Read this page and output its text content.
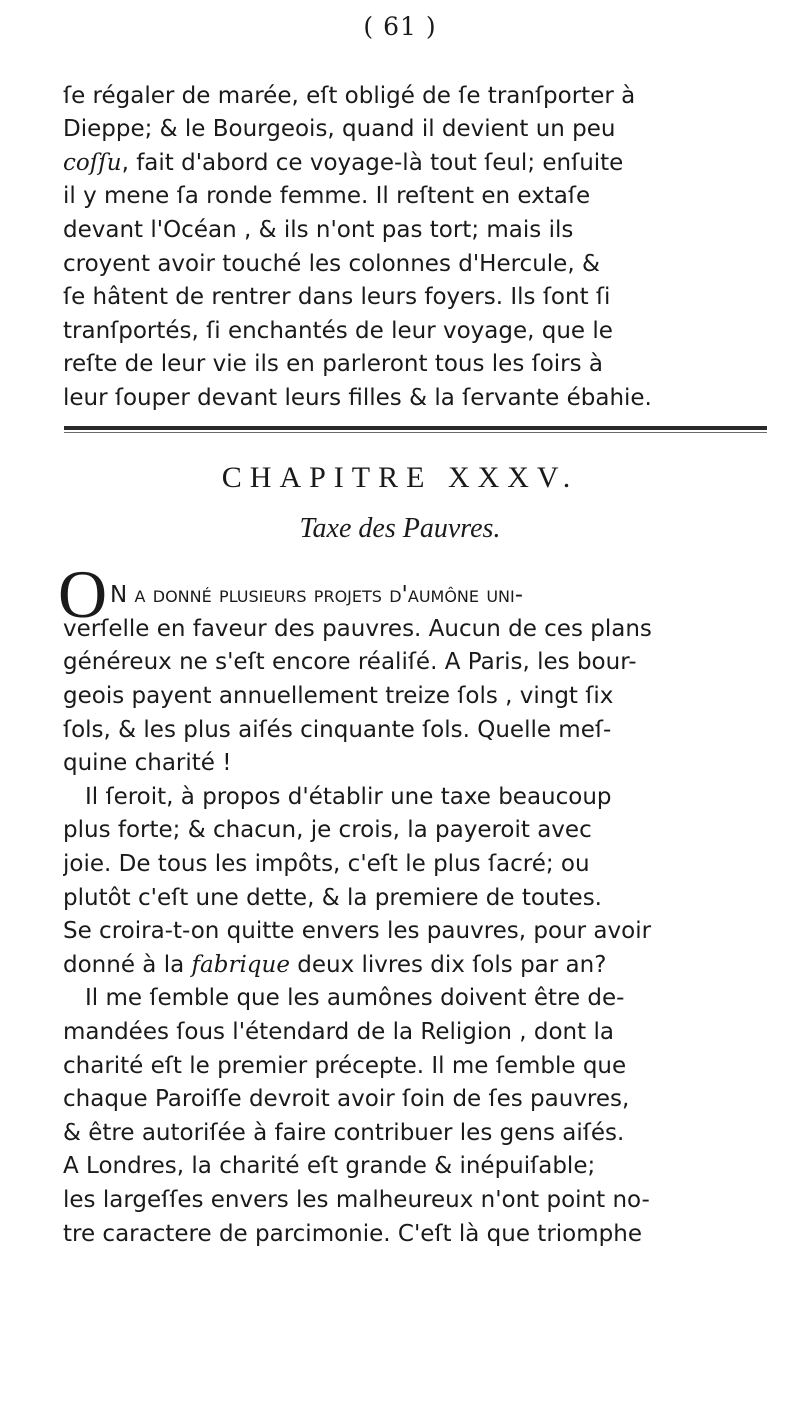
( 61 )
ſe régaler de marée, eſt obligé de ſe tranſporter à
Dieppe; & le Bourgeois, quand il devient un peu
coſſu, fait d'abord ce voyage-là tout ſeul; enſuite
il y mene ſa ronde femme. Il reſtent en extaſe
devant l'Océan , & ils n'ont pas tort; mais ils
croyent avoir touché les colonnes d'Hercule, &
ſe hâtent de rentrer dans leurs foyers. Ils ſont ſi
tranſportés, ſi enchantés de leur voyage, que le
reſte de leur vie ils en parleront tous les ſoirs à
leur ſouper devant leurs filles & la ſervante ébahie.
CHAPITRE XXXV.
Taxe des Pauvres.
O N a donné plusieurs projets d'aumône uni-
verſelle en faveur des pauvres. Aucun de ces plans
généreux ne s'eſt encore réaliſé. A Paris, les bour-
geois payent annuellement treize ſols , vingt ſix
ſols, & les plus aiſés cinquante ſols. Quelle meſ-
quine charité !
Il ſeroit, à propos d'établir une taxe beaucoup
plus forte; & chacun, je crois, la payeroit avec
joie. De tous les impôts, c'eſt le plus ſacré; ou
plutôt c'eſt une dette, & la premiere de toutes.
Se croira-t-on quitte envers les pauvres, pour avoir
donné à la fabrique deux livres dix ſols par an?
Il me ſemble que les aumônes doivent être de-
mandées ſous l'étendard de la Religion , dont la
charité eſt le premier précepte. Il me ſemble que
chaque Paroiſſe devroit avoir ſoin de ſes pauvres,
& être autoriſée à faire contribuer les gens aiſés.
A Londres, la charité eſt grande & inépuiſable;
les largeſſes envers les malheureux n'ont point no-
tre caractere de parcimonie. C'eſt là que triomphe
